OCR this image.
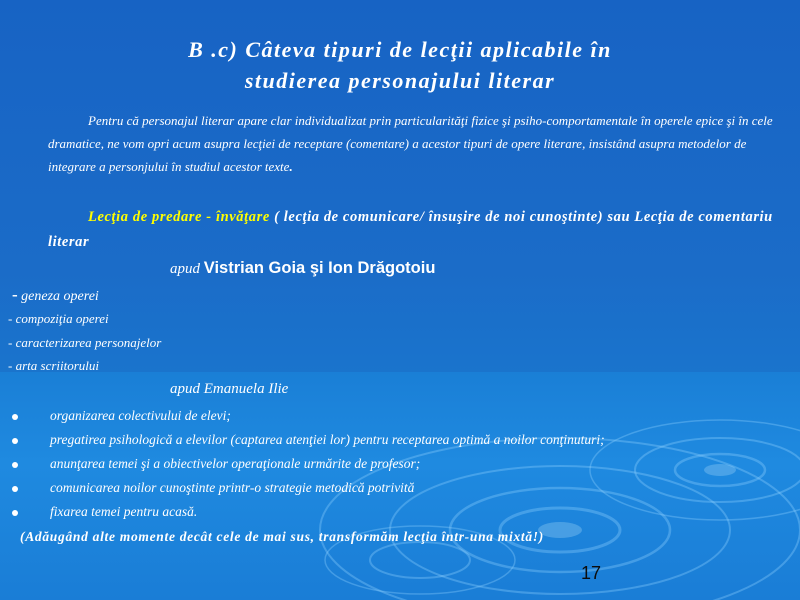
B .c) Câteva tipuri de lecţii aplicabile în
studierea personajului literar

Pentru că personajul literar apare clar individualizat prin particularităţi fizice şi psiho-comportamentale în operele epice şi în cele dramatice, ne vom opri acum asupra lecţiei de receptare (comentare) a acestor tipuri de opere literare, insistând asupra metodelor de integrare a personjului în studiul acestor texte.

Lecţia de predare - învăţare ( lecţia de comunicare/ însuşire de noi cunoştinte) sau Lecţia de comentariu literar

apud Vistrian Goia şi Ion Drăgotoiu
- geneza operei
- compoziţia operei
- caracterizarea personajelor
- arta scriitorului
apud Emanuela Ilie
organizarea colectivului de elevi;
pregatirea psihologică a elevilor (captarea atenţiei lor) pentru receptarea optimă a noilor conţinuturi;
anunţarea temei şi a obiectivelor operaţionale urmărite de profesor;
comunicarea noilor cunoştinte printr-o strategie metodică potrivită
fixarea temei pentru acasă.
(Adăugând alte momente decât cele de mai sus, transformăm lecţia într-una mixtă!)
17
